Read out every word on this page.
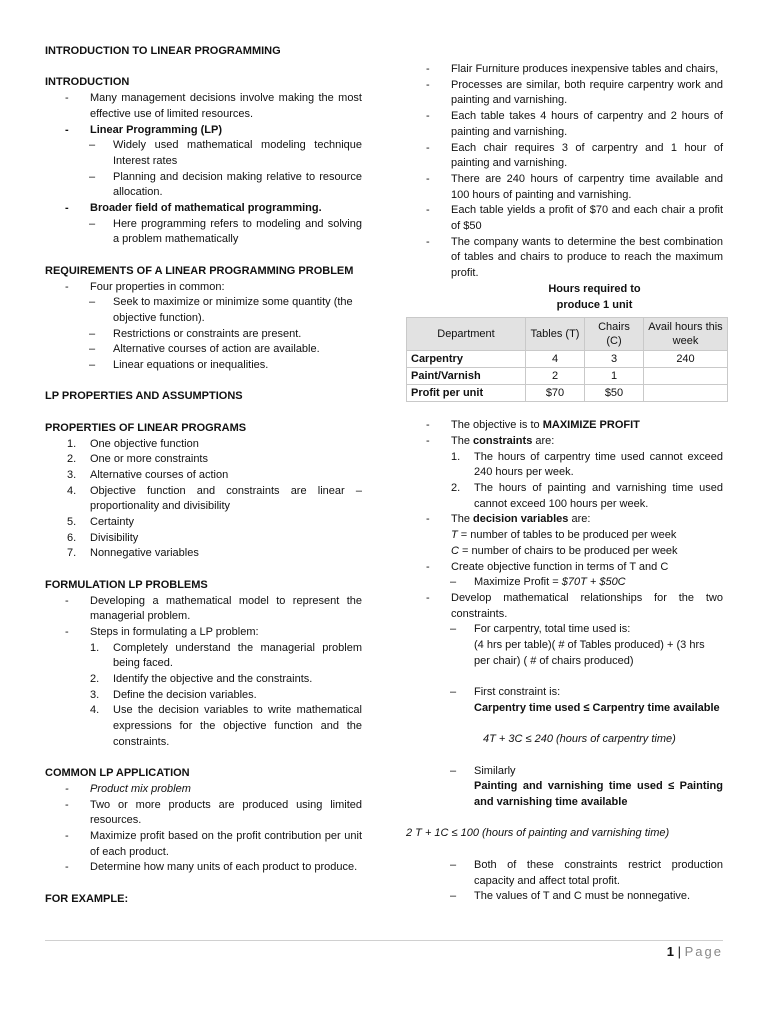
INTRODUCTION TO LINEAR PROGRAMMING

INTRODUCTION

- Many management decisions involve making the most effective use of limited resources.
- Linear Programming (LP)
– Widely used mathematical modeling technique Interest rates
– Planning and decision making relative to resource allocation.
- Broader field of mathematical programming.
– Here programming refers to modeling and solving a problem mathematically

REQUIREMENTS OF A LINEAR PROGRAMMING PROBLEM

- Four properties in common:
– Seek to maximize or minimize some quantity (the objective function).
– Restrictions or constraints are present.
– Alternative courses of action are available.
– Linear equations or inequalities.

LP PROPERTIES AND ASSUMPTIONS

PROPERTIES OF LINEAR PROGRAMS

1. One objective function
2. One or more constraints
3. Alternative courses of action
4. Objective function and constraints are linear – proportionality and divisibility
5. Certainty
6. Divisibility
7. Nonnegative variables

FORMULATION LP PROBLEMS

- Developing a mathematical model to represent the managerial problem.
- Steps in formulating a LP problem:
1. Completely understand the managerial problem being faced.
2. Identify the objective and the constraints.
3. Define the decision variables.
4. Use the decision variables to write mathematical expressions for the objective function and the constraints.

COMMON LP APPLICATION

- Product mix problem
- Two or more products are produced using limited resources.
- Maximize profit based on the profit contribution per unit of each product.
- Determine how many units of each product to produce.

FOR EXAMPLE:

- Flair Furniture produces inexpensive tables and chairs,
- Processes are similar, both require carpentry work and painting and varnishing.
- Each table takes 4 hours of carpentry and 2 hours of painting and varnishing.
- Each chair requires 3 of carpentry and 1 hour of painting and varnishing.
- There are 240 hours of carpentry time available and 100 hours of painting and varnishing.
- Each table yields a profit of $70 and each chair a profit of $50
- The company wants to determine the best combination of tables and chairs to produce to reach the maximum profit.

Hours required to

produce 1 unit

Department	Tables (T)	Chairs (C)	Avail hours this week
Carpentry	4	3	240
Paint/Varnish	2	1	
Profit per unit	$70	$50	
- The objective is to MAXIMIZE PROFIT
- The constraints are:
1. The hours of carpentry time used cannot exceed 240 hours per week.
2. The hours of painting and varnishing time used cannot exceed 100 hours per week.
- The decision variables are:
T = number of tables to be produced per week
C = number of chairs to be produced per week
- Create objective function in terms of T and C
– Maximize Profit = $70T + $50C
- Develop mathematical relationships for the two constraints.
– For carpentry, total time used is:
(4 hrs per table)( # of Tables produced) + (3 hrs per chair) ( # of chairs produced)
– First constraint is:
Carpentry time used ≤ Carpentry time available
4T + 3C ≤ 240 (hours of carpentry time)
– Similarly
Painting and varnishing time used ≤ Painting and varnishing time available
2 T + 1C ≤ 100 (hours of painting and varnishing time)
– Both of these constraints restrict production capacity and affect total profit.
– The values of T and C must be nonnegative.
1 | Page
